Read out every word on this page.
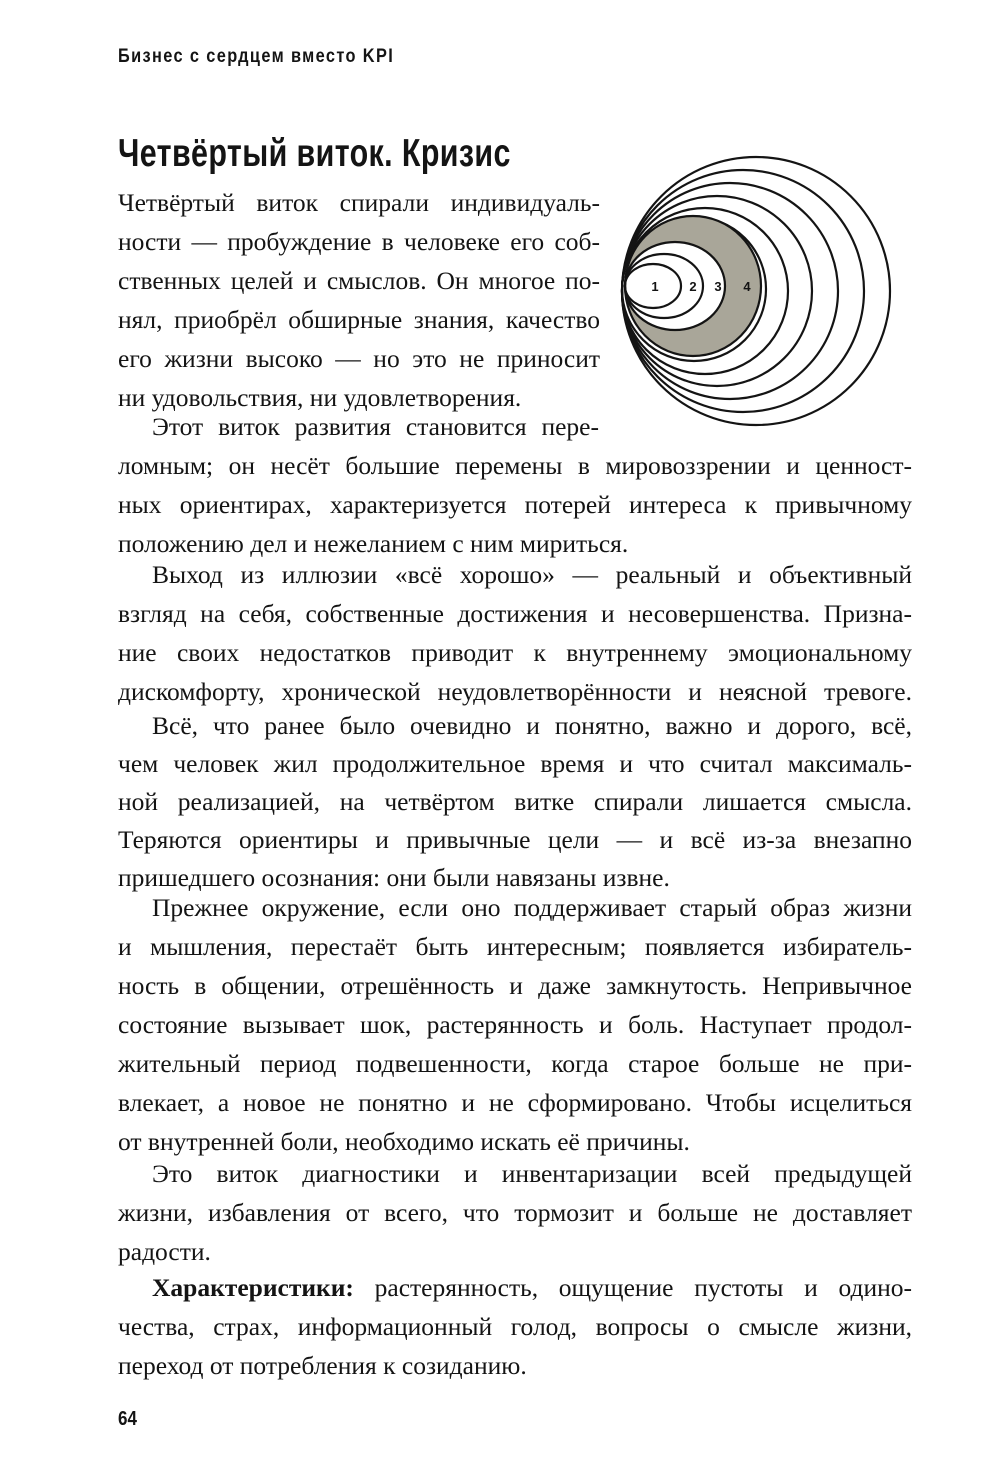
Бизнес с сердцем вместо KPI
Четвёртый виток. Кризис
1 2 3 4
Четвёртый виток спирали индивидуаль-
ности — пробуждение в человеке его соб-
ственных целей и смыслов. Он многое по-
нял, приобрёл обширные знания, качество
его жизни высоко — но это не приносит
ни удовольствия, ни удовлетворения.
Этот виток развития становится пере-
ломным; он несёт большие перемены в мировоззрении и ценност-
ных ориентирах, характеризуется потерей интереса к привычному
положению дел и нежеланием с ним мириться.
Выход из иллюзии «всё хорошо» — реальный и объективный
взгляд на себя, собственные достижения и несовершенства. Призна-
ние своих недостатков приводит к внутреннему эмоциональному
дискомфорту, хронической неудовлетворённости и неясной тревоге.
Всё, что ранее было очевидно и понятно, важно и дорого, всё,
чем человек жил продолжительное время и что считал максималь-
ной реализацией, на четвёртом витке спирали лишается смысла.
Теряются ориентиры и привычные цели — и всё из-за внезапно
пришедшего осознания: они были навязаны извне.
Прежнее окружение, если оно поддерживает старый образ жизни
и мышления, перестаёт быть интересным; появляется избиратель-
ность в общении, отрешённость и даже замкнутость. Непривычное
состояние вызывает шок, растерянность и боль. Наступает продол-
жительный период подвешенности, когда старое больше не при-
влекает, а новое не понятно и не сформировано. Чтобы исцелиться
от внутренней боли, необходимо искать её причины.
Это виток диагностики и инвентаризации всей предыдущей
жизни, избавления от всего, что тормозит и больше не доставляет
радости.
Характеристики: растерянность, ощущение пустоты и одино-
чества, страх, информационный голод, вопросы о смысле жизни,
переход от потребления к созиданию.
64
